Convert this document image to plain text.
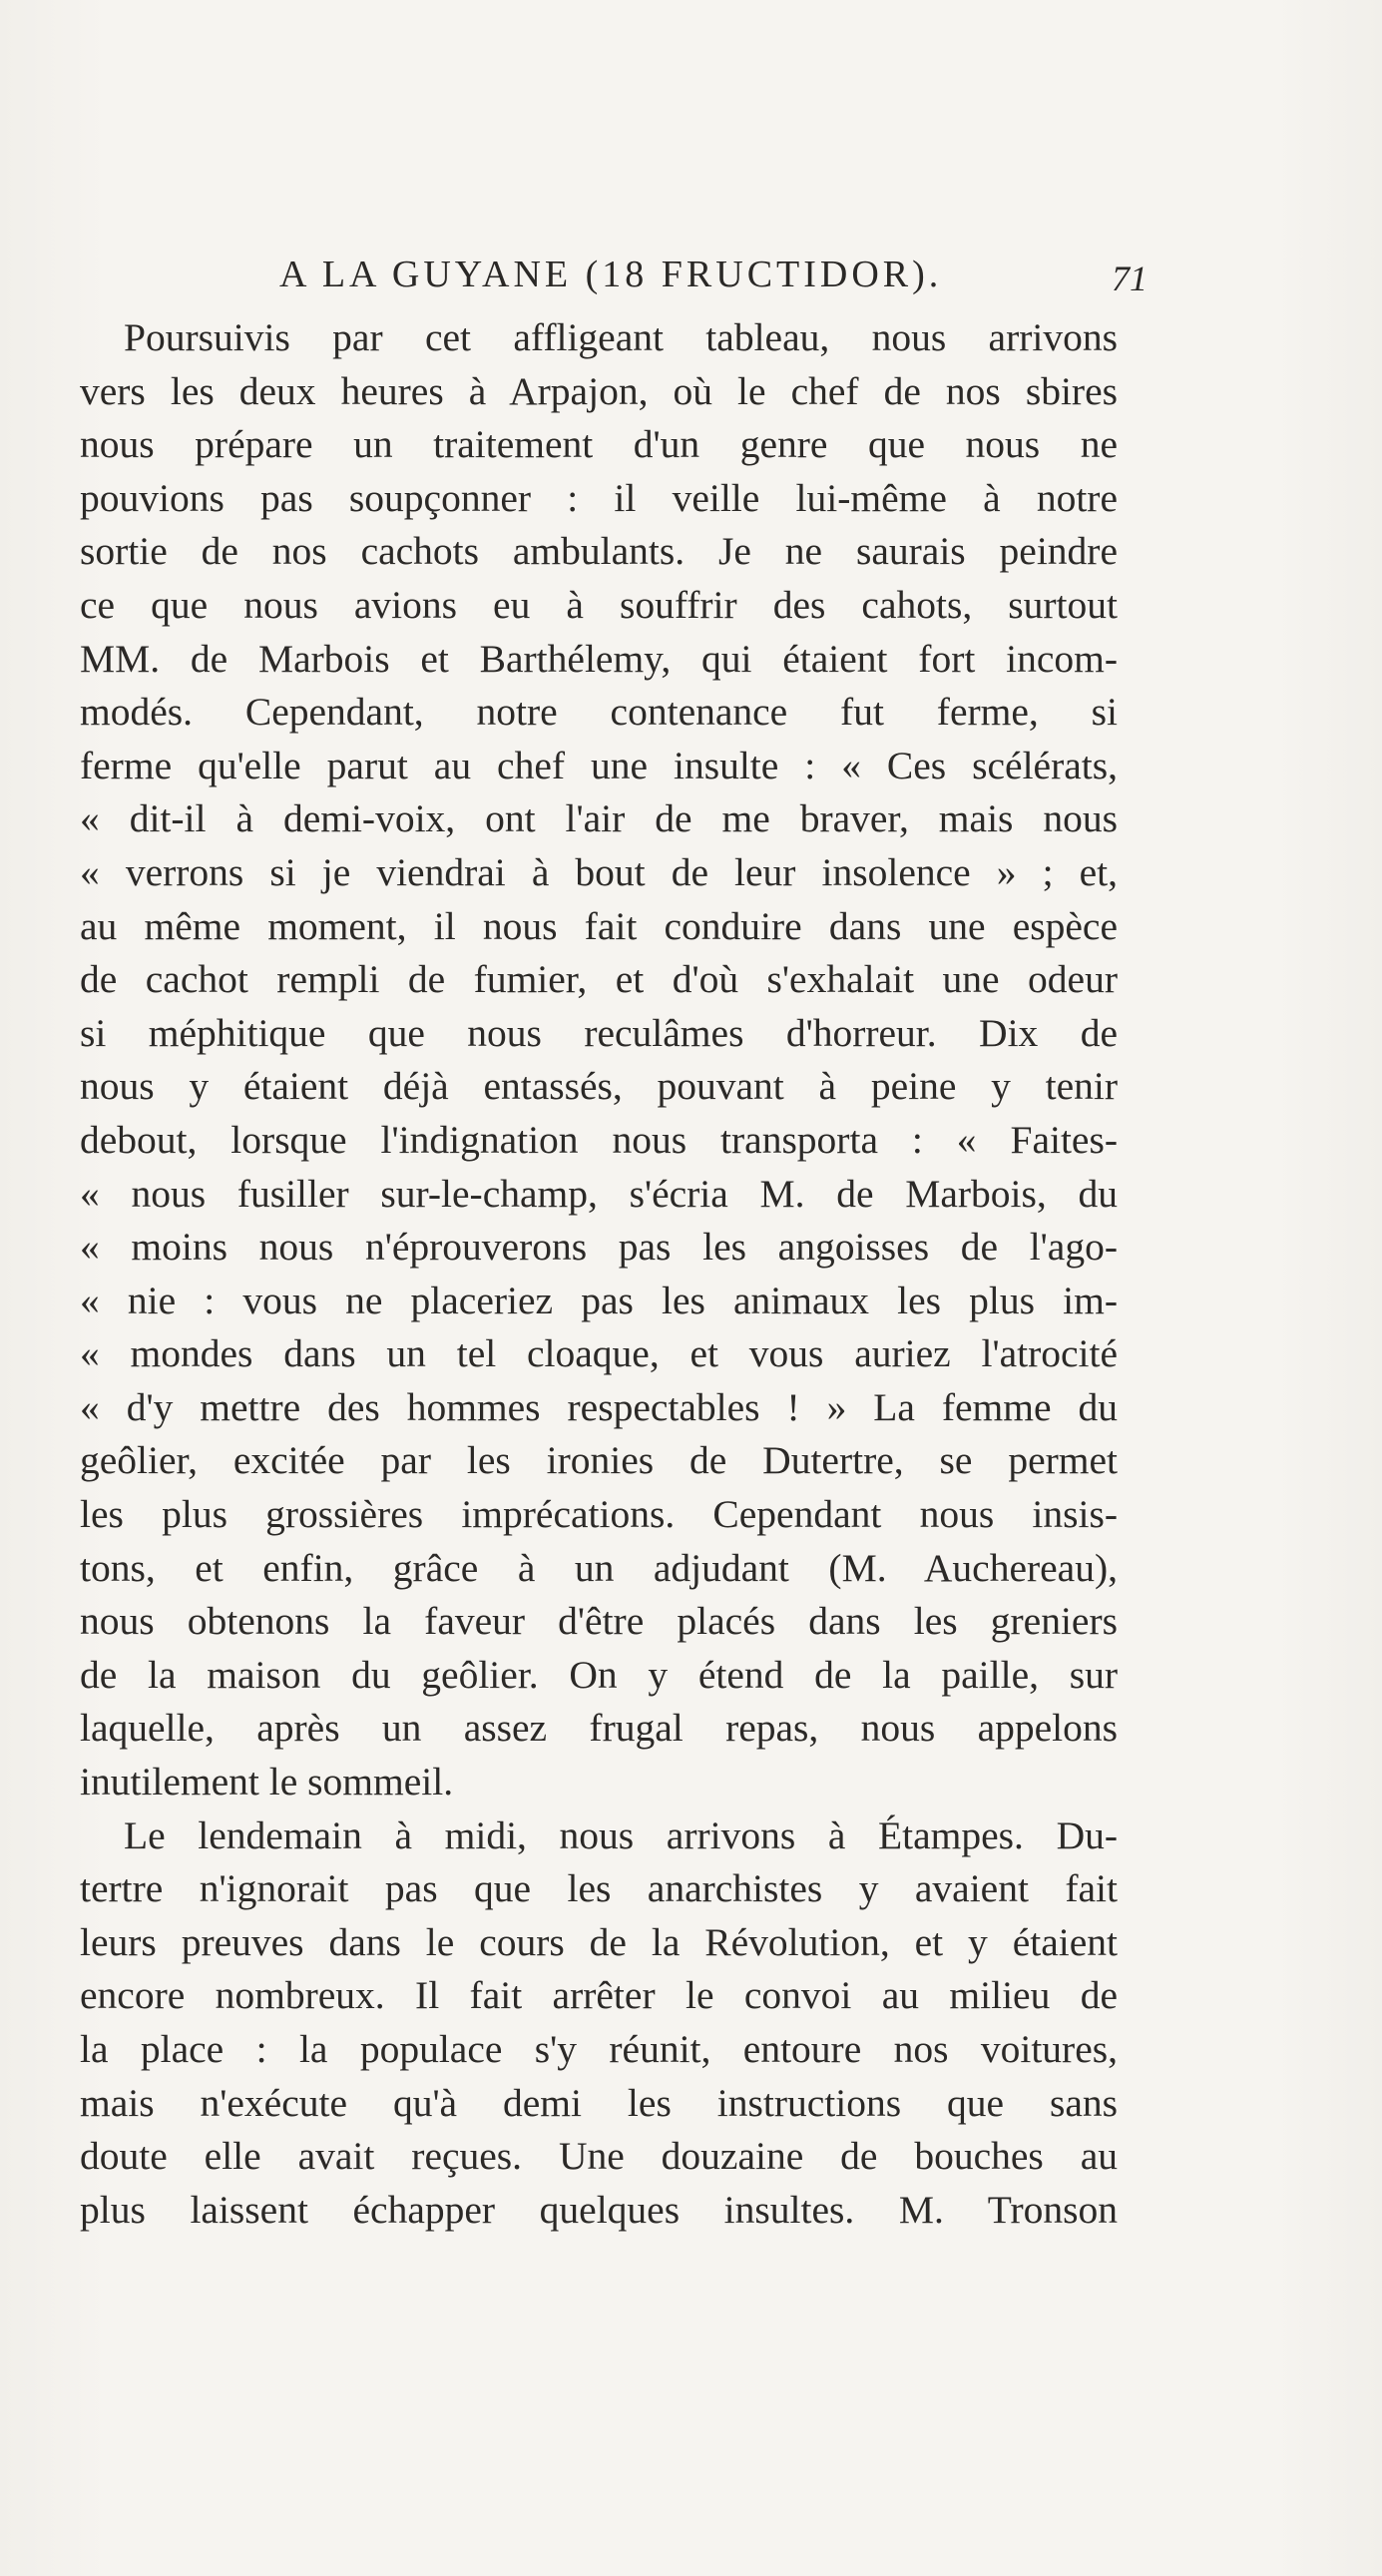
A LA GUYANE (18 FRUCTIDOR).	71
Poursuivis par cet affligeant tableau, nous arrivons
vers les deux heures à Arpajon, où le chef de nos sbires
nous prépare un traitement d'un genre que nous ne
pouvions pas soupçonner : il veille lui-même à notre
sortie de nos cachots ambulants. Je ne saurais peindre
ce que nous avions eu à souffrir des cahots, surtout
MM. de Marbois et Barthélemy, qui étaient fort incom-
modés. Cependant, notre contenance fut ferme, si
ferme qu'elle parut au chef une insulte : « Ces scélérats,
« dit-il à demi-voix, ont l'air de me braver, mais nous
« verrons si je viendrai à bout de leur insolence » ; et,
au même moment, il nous fait conduire dans une espèce
de cachot rempli de fumier, et d'où s'exhalait une odeur
si méphitique que nous reculâmes d'horreur. Dix de
nous y étaient déjà entassés, pouvant à peine y tenir
debout, lorsque l'indignation nous transporta : « Faites-
« nous fusiller sur-le-champ, s'écria M. de Marbois, du
« moins nous n'éprouverons pas les angoisses de l'ago-
« nie : vous ne placeriez pas les animaux les plus im-
« mondes dans un tel cloaque, et vous auriez l'atrocité
« d'y mettre des hommes respectables ! » La femme du
geôlier, excitée par les ironies de Dutertre, se permet
les plus grossières imprécations. Cependant nous insis-
tons, et enfin, grâce à un adjudant (M. Auchereau),
nous obtenons la faveur d'être placés dans les greniers
de la maison du geôlier. On y étend de la paille, sur
laquelle, après un assez frugal repas, nous appelons
inutilement le sommeil.
Le lendemain à midi, nous arrivons à Étampes. Du-
tertre n'ignorait pas que les anarchistes y avaient fait
leurs preuves dans le cours de la Révolution, et y étaient
encore nombreux. Il fait arrêter le convoi au milieu de
la place : la populace s'y réunit, entoure nos voitures,
mais n'exécute qu'à demi les instructions que sans
doute elle avait reçues. Une douzaine de bouches au
plus laissent échapper quelques insultes. M. Tronson
